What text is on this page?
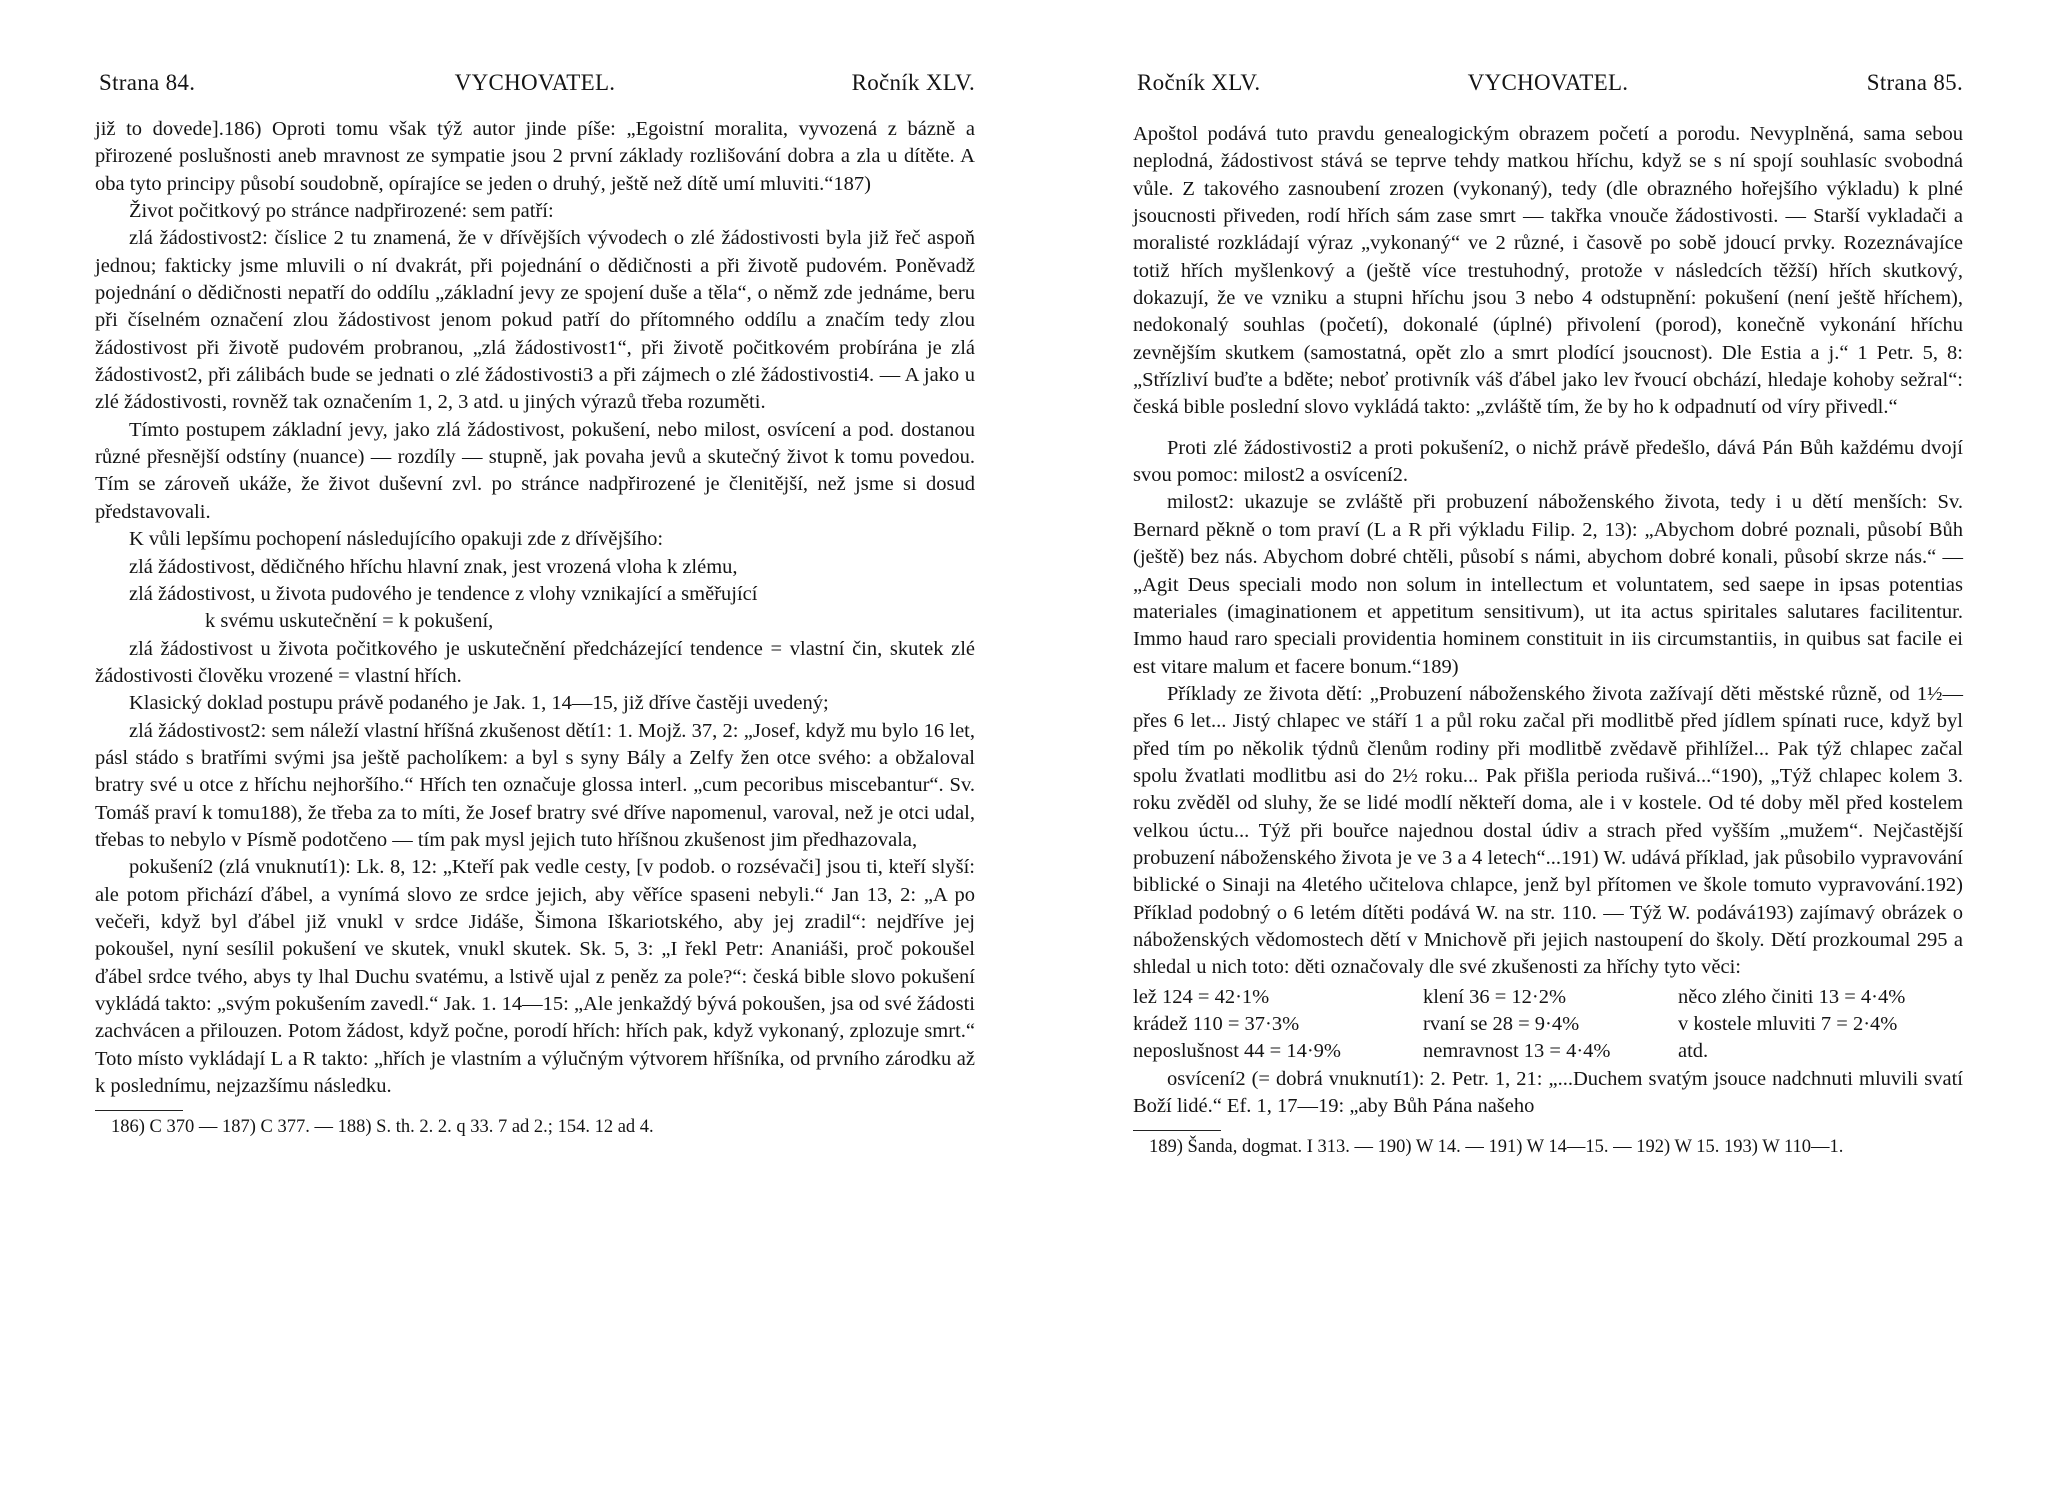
Strana 84.	VYCHOVATEL.	Ročník XLV.

již to dovede].186) Oproti tomu však týž autor jinde píše: „Egoistní moralita, vyvozená z bázně a přirozené poslušnosti aneb mravnost ze sympatie jsou 2 první základy rozlišování dobra a zla u dítěte. A oba tyto principy působí soudobně, opírajíce se jeden o druhý, ještě než dítě umí mluviti.“187)

Život počitkový po stránce nadpřirozené: sem patří:

zlá žádostivost2: číslice 2 tu znamená, že v dřívějších vývodech o zlé žádostivosti byla již řeč aspoň jednou; fakticky jsme mluvili o ní dvakrát, při pojednání o dědičnosti a při životě pudovém. Poněvadž pojednání o dědičnosti nepatří do oddílu „základní jevy ze spojení duše a těla“, o němž zde jednáme, beru při číselném označení zlou žádostivost jenom pokud patří do přítomného oddílu a značím tedy zlou žádostivost při životě pudovém probranou, „zlá žádostivost1“, při životě počitkovém probírána je zlá žádostivost2, při zálibách bude se jednati o zlé žádostivosti3 a při zájmech o zlé žádostivosti4. — A jako u zlé žádostivosti, rovněž tak označením 1, 2, 3 atd. u jiných výrazů třeba rozuměti.

Tímto postupem základní jevy, jako zlá žádostivost, pokušení, nebo milost, osvícení a pod. dostanou různé přesnější odstíny (nuance) — rozdíly — stupně, jak povaha jevů a skutečný život k tomu povedou. Tím se zároveň ukáže, že život duševní zvl. po stránce nadpřirozené je členitější, než jsme si dosud představovali.

K vůli lepšímu pochopení následujícího opakuji zde z dřívějšího:

zlá žádostivost, dědičného hříchu hlavní znak, jest vrozená vloha k zlému,

zlá žádostivost, u života pudového je tendence z vlohy vznikající a směřující

k svému uskutečnění = k pokušení,

zlá žádostivost u života počitkového je uskutečnění předcházející tendence = vlastní čin, skutek zlé žádostivosti člověku vrozené = vlastní hřích.

Klasický doklad postupu právě podaného je Jak. 1, 14—15, již dříve častěji uvedený;

zlá žádostivost2: sem náleží vlastní hříšná zkušenost dětí1: 1. Mojž. 37, 2: „Josef, když mu bylo 16 let, pásl stádo s bratřími svými jsa ještě pacholíkem: a byl s syny Bály a Zelfy žen otce svého: a obžaloval bratry své u otce z hříchu nejhoršího.“ Hřích ten označuje glossa interl. „cum pecoribus miscebantur“. Sv. Tomáš praví k tomu188), že třeba za to míti, že Josef bratry své dříve napomenul, varoval, než je otci udal, třebas to nebylo v Písmě podotčeno — tím pak mysl jejich tuto hříšnou zkušenost jim předhazovala,

pokušení2 (zlá vnuknutí1): Lk. 8, 12: „Kteří pak vedle cesty, [v podob. o rozsévači] jsou ti, kteří slyší: ale potom přichází ďábel, a vynímá slovo ze srdce jejich, aby věříce spaseni nebyli.“ Jan 13, 2: „A po večeři, když byl ďábel již vnukl v srdce Jidáše, Šimona Iškariotského, aby jej zradil“: nejdříve jej pokoušel, nyní sesílil pokušení ve skutek, vnukl skutek. Sk. 5, 3: „I řekl Petr: Ananiáši, proč pokoušel ďábel srdce tvého, abys ty lhal Duchu svatému, a lstivě ujal z peněz za pole?“: česká bible slovo pokušení vykládá takto: „svým pokušením zavedl.“ Jak. 1. 14—15: „Ale jenkaždý bývá pokoušen, jsa od své žádosti zachvácen a přilouzen. Potom žádost, když počne, porodí hřích: hřích pak, když vykonaný, zplozuje smrt.“ Toto místo vykládají L a R takto: „hřích je vlastním a výlučným výtvorem hříšníka, od prvního zárodku až k poslednímu, nejzazšímu následku.

186) C 370 — 187) C 377. — 188) S. th. 2. 2. q 33. 7 ad 2.; 154. 12 ad 4.
Ročník XLV.	VYCHOVATEL.	Strana 85.

Apoštol podává tuto pravdu genealogickým obrazem početí a porodu. Nevyplněná, sama sebou neplodná, žádostivost stává se teprve tehdy matkou hříchu, když se s ní spojí souhlasíc svobodná vůle. Z takového zasnoubení zrozen (vykonaný), tedy (dle obrazného hořejšího výkladu) k plné jsoucnosti přiveden, rodí hřích sám zase smrt — takřka vnouče žádostivosti. — Starší vykladači a moralisté rozkládají výraz „vykonaný“ ve 2 různé, i časově po sobě jdoucí prvky. Rozeznávajíce totiž hřích myšlenkový a (ještě více trestuhodný, protože v následcích těžší) hřích skutkový, dokazují, že ve vzniku a stupni hříchu jsou 3 nebo 4 odstupnění: pokušení (není ještě hříchem), nedokonalý souhlas (početí), dokonalé (úplné) přivolení (porod), konečně vykonání hříchu zevnějším skutkem (samostatná, opět zlo a smrt plodící jsoucnost). Dle Estia a j.“ 1 Petr. 5, 8: „Střízliví buďte a bděte; neboť protivník váš ďábel jako lev řvoucí obchází, hledaje kohoby sežral“: česká bible poslední slovo vykládá takto: „zvláště tím, že by ho k odpadnutí od víry přivedl.“

Proti zlé žádostivosti2 a proti pokušení2, o nichž právě předešlo, dává Pán Bůh každému dvojí svou pomoc: milost2 a osvícení2.

milost2: ukazuje se zvláště při probuzení náboženského života, tedy i u dětí menších: Sv. Bernard pěkně o tom praví (L a R při výkladu Filip. 2, 13): „Abychom dobré poznali, působí Bůh (ještě) bez nás. Abychom dobré chtěli, působí s námi, abychom dobré konali, působí skrze nás.“ — „Agit Deus speciali modo non solum in intellectum et voluntatem, sed saepe in ipsas potentias materiales (imaginationem et appetitum sensitivum), ut ita actus spiritales salutares facilitentur. Immo haud raro speciali providentia hominem constituit in iis circumstantiis, in quibus sat facile ei est vitare malum et facere bonum.“189)

Příklady ze života dětí: „Probuzení náboženského života zažívají děti městské různě, od 1½—přes 6 let... Jistý chlapec ve stáří 1 a půl roku začal při modlitbě před jídlem spínati ruce, když byl před tím po několik týdnů členům rodiny při modlitbě zvědavě přihlížel... Pak týž chlapec začal spolu žvatlati modlitbu asi do 2½ roku... Pak přišla perioda rušivá...“190), „Týž chlapec kolem 3. roku zvěděl od sluhy, že se lidé modlí někteří doma, ale i v kostele. Od té doby měl před kostelem velkou úctu... Týž při bouřce najednou dostal údiv a strach před vyšším „mužem“. Nejčastější probuzení náboženského života je ve 3 a 4 letech“...191) W. udává příklad, jak působilo vypravování biblické o Sinaji na 4letého učitelova chlapce, jenž byl přítomen ve škole tomuto vypravování.192) Příklad podobný o 6 letém dítěti podává W. na str. 110. — Týž W. podává193) zajímavý obrázek o náboženských vědomostech dětí v Mnichově při jejich nastoupení do školy. Dětí prozkoumal 295 a shledal u nich toto: děti označovaly dle své zkušenosti za hříchy tyto věci:

lež 124 = 42·1%	klení 36 = 12·2%	něco zlého činiti 13 = 4·4%
krádež 110 = 37·3%	rvaní se 28 = 9·4%	v kostele mluviti 7 = 2·4%
neposlušnost 44 = 14·9%	nemravnost 13 = 4·4%	atd.

osvícení2 (= dobrá vnuknutí1): 2. Petr. 1, 21: „...Duchem svatým jsouce nadchnuti mluvili svatí Boží lidé.“ Ef. 1, 17—19: „aby Bůh Pána našeho

189) Šanda, dogmat. I 313. — 190) W 14. — 191) W 14—15. — 192) W 15. 193) W 110—1.
